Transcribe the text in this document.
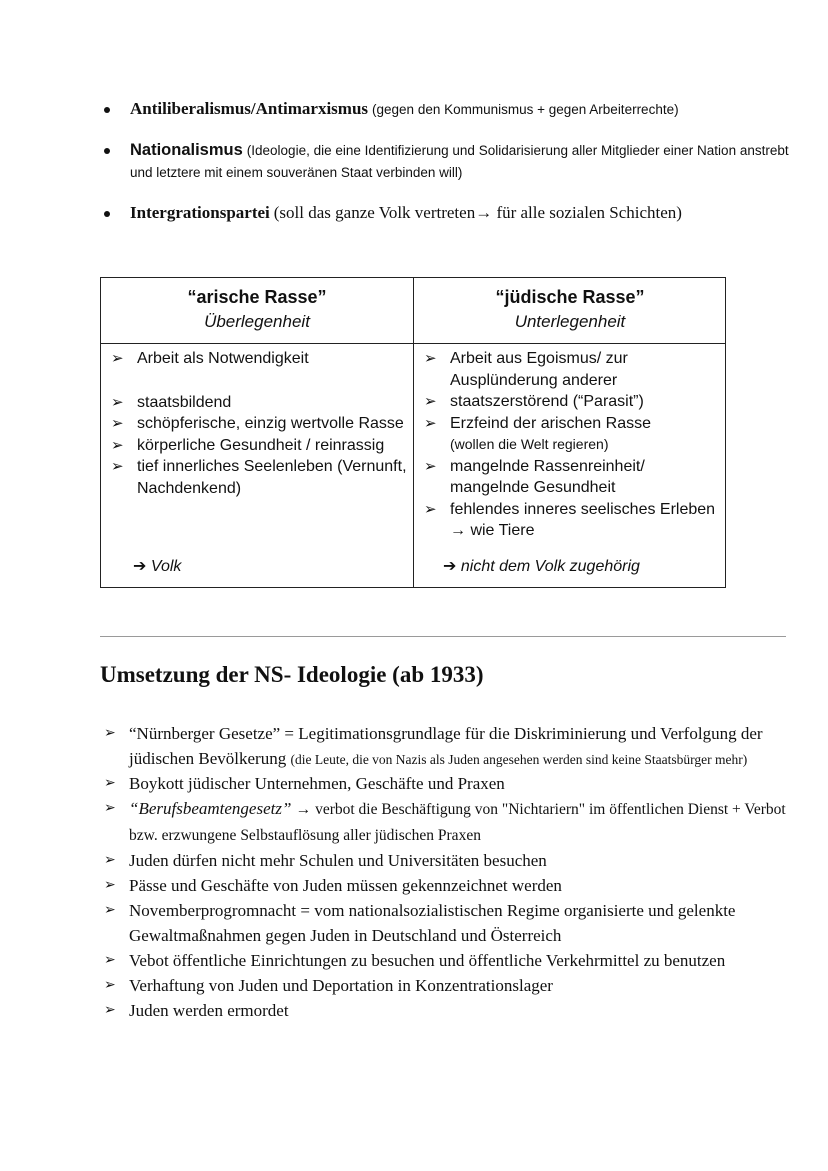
Antiliberalismus/Antimarxismus (gegen den Kommunismus + gegen Arbeiterrechte)
Nationalismus (Ideologie, die eine Identifizierung und Solidarisierung aller Mitglieder einer Nation anstrebt und letztere mit einem souveränen Staat verbinden will)
Intergrationspartei (soll das ganze Volk vertreten→ für alle sozialen Schichten)
“arische Rasse”
Überlegenheit
“jüdische Rasse”
Unterlegenheit
➢ Arbeit als Notwendigkeit
➢ staatsbildend
➢ schöpferische, einzig wertvolle Rasse
➢ körperliche Gesundheit / reinrassig
➢ tief innerliches Seelenleben (Vernunft, Nachdenkend)
➢ Arbeit aus Egoismus/ zur Ausplünderung anderer
➢ staatszerstörend (“Parasit”)
➢ Erzfeind der arischen Rasse
(wollen die Welt regieren)
➢ mangelnde Rassenreinheit/ mangelnde Gesundheit
➢ fehlendes inneres seelisches Erleben → wie Tiere
➔ Volk	➔ nicht dem Volk zugehörig
Umsetzung der NS- Ideologie (ab 1933)
➢ “Nürnberger Gesetze” = Legitimationsgrundlage für die Diskriminierung und Verfolgung der jüdischen Bevölkerung (die Leute, die von Nazis als Juden angesehen werden sind keine Staatsbürger mehr)
➢ Boykott jüdischer Unternehmen, Geschäfte und Praxen
➢ “Berufsbeamtengesetz” → verbot die Beschäftigung von "Nichtariern" im öffentlichen Dienst + Verbot bzw. erzwungene Selbstauflösung aller jüdischen Praxen
➢ Juden dürfen nicht mehr Schulen und Universitäten besuchen
➢ Pässe und Geschäfte von Juden müssen gekennzeichnet werden
➢ Novemberprogromnacht = vom nationalsozialistischen Regime organisierte und gelenkte Gewaltmaßnahmen gegen Juden in Deutschland und Österreich
➢ Vebot öffentliche Einrichtungen zu besuchen und öffentliche Verkehrmittel zu benutzen
➢ Verhaftung von Juden und Deportation in Konzentrationslager
➢ Juden werden ermordet
